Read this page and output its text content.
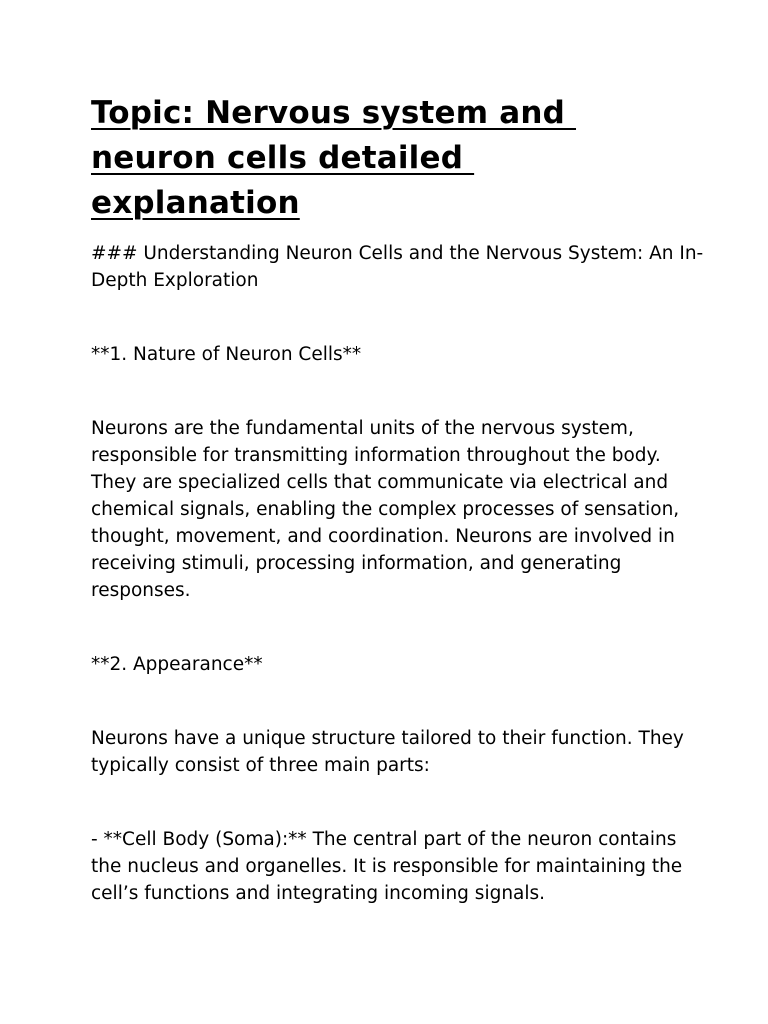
Topic: Nervous system and
neuron cells detailed
explanation

### Understanding Neuron Cells and the Nervous System: An In-Depth Exploration

**1. Nature of Neuron Cells**

Neurons are the fundamental units of the nervous system, responsible for transmitting information throughout the body. They are specialized cells that communicate via electrical and chemical signals, enabling the complex processes of sensation, thought, movement, and coordination. Neurons are involved in receiving stimuli, processing information, and generating responses.

**2. Appearance**

Neurons have a unique structure tailored to their function. They typically consist of three main parts:

- **Cell Body (Soma):** The central part of the neuron contains the nucleus and organelles. It is responsible for maintaining the cell’s functions and integrating incoming signals.
